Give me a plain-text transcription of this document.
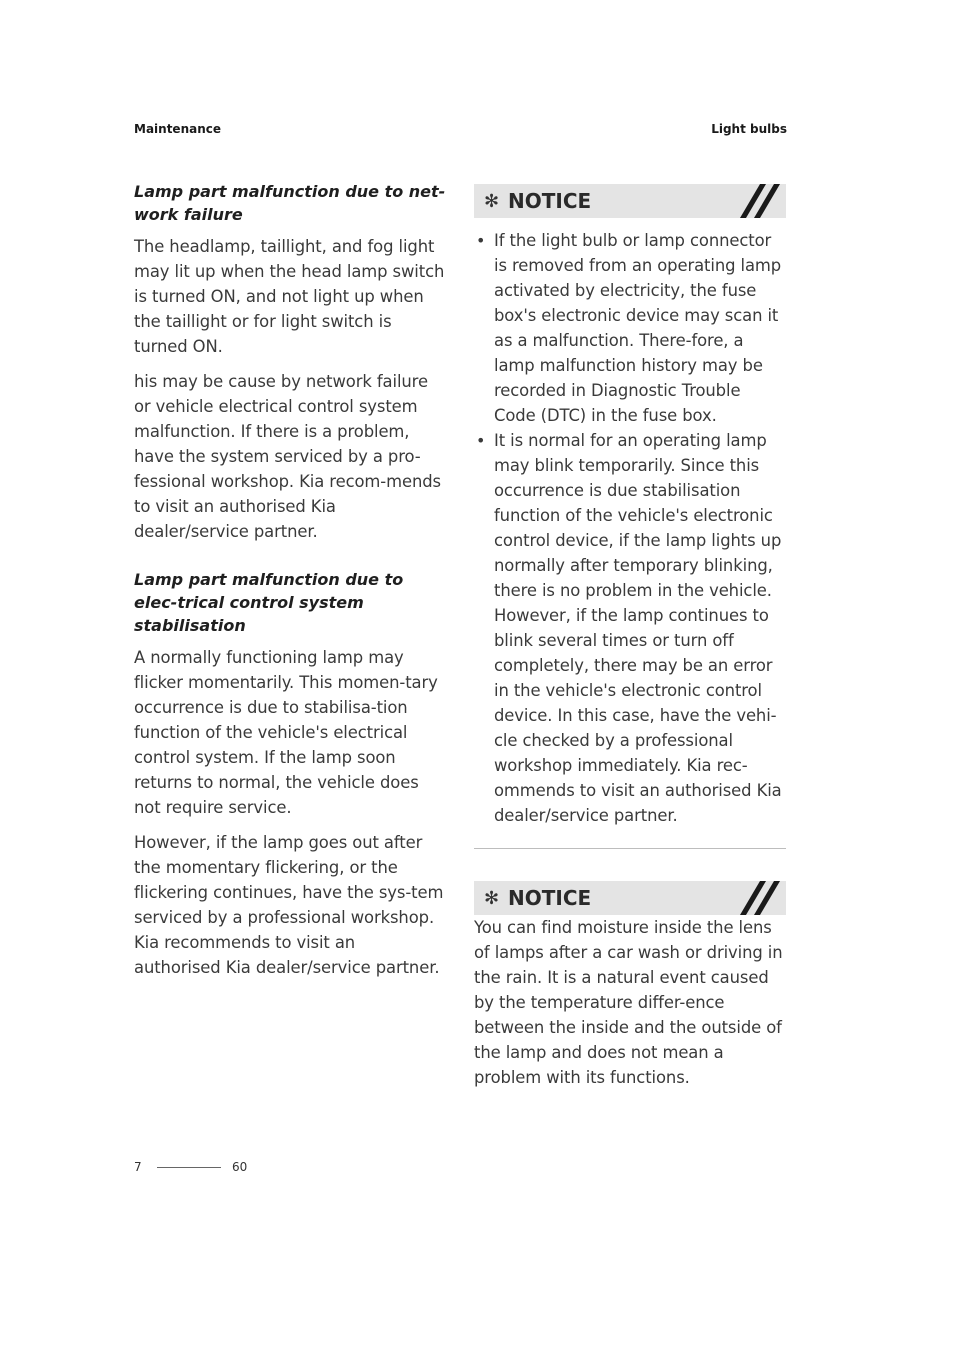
Maintenance	Light bulbs
Lamp part malfunction due to net-work failure

The headlamp, taillight, and fog light may lit up when the head lamp switch is turned ON, and not light up when the taillight or for light switch is turned ON.

his may be cause by network failure or vehicle electrical control system malfunction. If there is a problem, have the system serviced by a pro-fessional workshop. Kia recom-mends to visit an authorised Kia dealer/service partner.

Lamp part malfunction due to elec-trical control system stabilisation

A normally functioning lamp may flicker momentarily. This momen-tary occurrence is due to stabilisa-tion function of the vehicle's electrical control system. If the lamp soon returns to normal, the vehicle does not require service.

However, if the lamp goes out after the momentary flickering, or the flickering continues, have the sys-tem serviced by a professional workshop. Kia recommends to visit an authorised Kia dealer/service partner.

✻ NOTICE
• If the light bulb or lamp connector is removed from an operating lamp activated by electricity, the fuse box's electronic device may scan it as a malfunction. There-fore, a lamp malfunction history may be recorded in Diagnostic Trouble Code (DTC) in the fuse box.

• It is normal for an operating lamp may blink temporarily. Since this occurrence is due stabilisation function of the vehicle's electronic control device, if the lamp lights up normally after temporary blinking, there is no problem in the vehicle.

However, if the lamp continues to blink several times or turn off completely, there may be an error in the vehicle's electronic control device. In this case, have the vehi-cle checked by a professional workshop immediately. Kia rec-ommends to visit an authorised Kia dealer/service partner.

✻ NOTICE

You can find moisture inside the lens of lamps after a car wash or driving in the rain. It is a natural event caused by the temperature differ-ence between the inside and the outside of the lamp and does not mean a problem with its functions.

7	60
